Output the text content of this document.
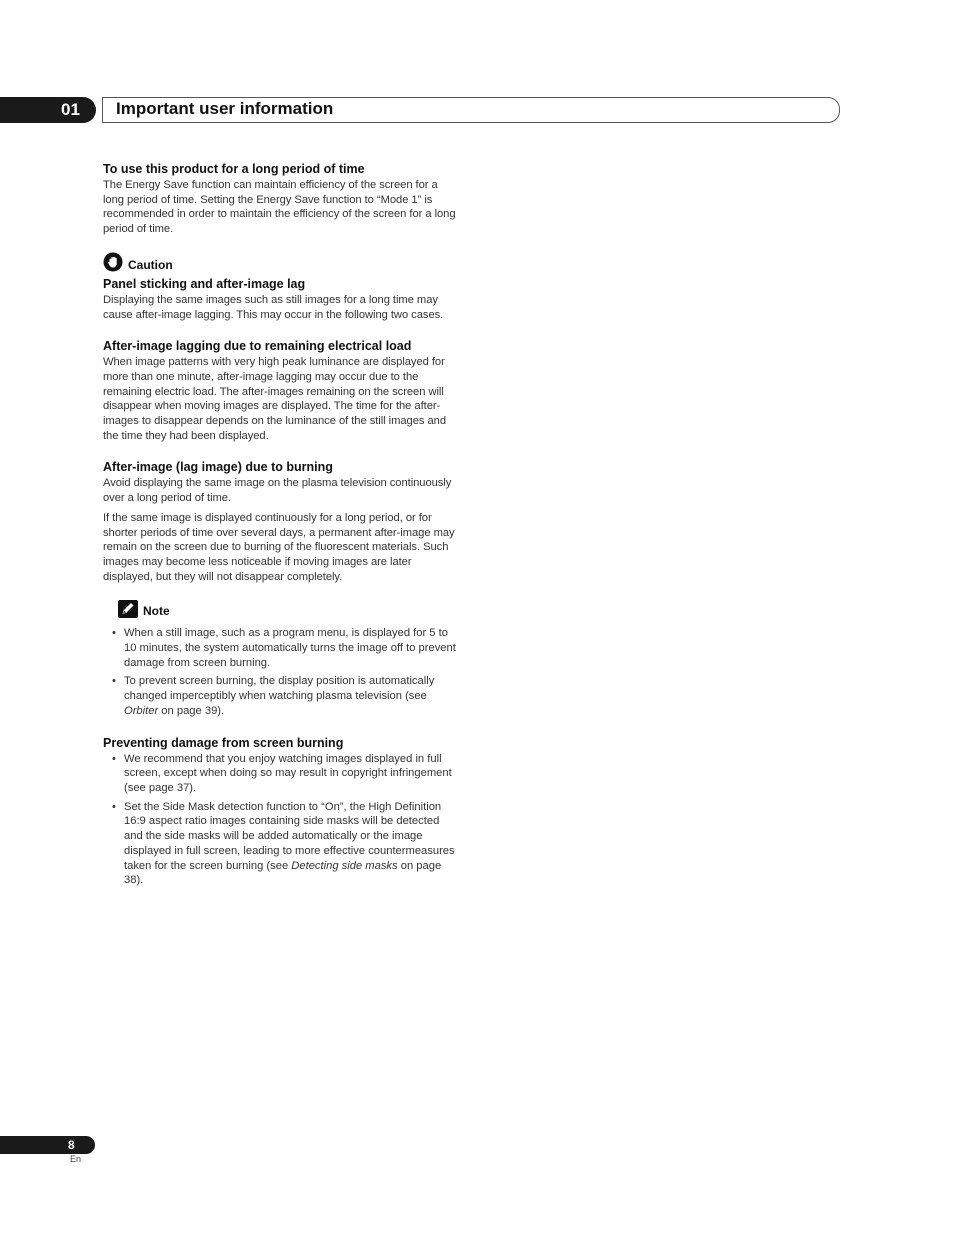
01 Important user information

To use this product for a long period of time

The Energy Save function can maintain efficiency of the screen for a long period of time. Setting the Energy Save function to “Mode 1” is recommended in order to maintain the efficiency of the screen for a long period of time.

Caution

Panel sticking and after-image lag

Displaying the same images such as still images for a long time may cause after-image lagging. This may occur in the following two cases.

After-image lagging due to remaining electrical load

When image patterns with very high peak luminance are displayed for more than one minute, after-image lagging may occur due to the remaining electric load. The after-images remaining on the screen will disappear when moving images are displayed. The time for the after-images to disappear depends on the luminance of the still images and the time they had been displayed.

After-image (lag image) due to burning

Avoid displaying the same image on the plasma television continuously over a long period of time.

If the same image is displayed continuously for a long period, or for shorter periods of time over several days, a permanent after-image may remain on the screen due to burning of the fluorescent materials. Such images may become less noticeable if moving images are later displayed, but they will not disappear completely.

Note
• When a still image, such as a program menu, is displayed for 5 to 10 minutes, the system automatically turns the image off to prevent damage from screen burning.
• To prevent screen burning, the display position is automatically changed imperceptibly when watching plasma television (see Orbiter on page 39).

Preventing damage from screen burning

• We recommend that you enjoy watching images displayed in full screen, except when doing so may result in copyright infringement (see page 37).
• Set the Side Mask detection function to “On”, the High Definition 16:9 aspect ratio images containing side masks will be detected and the side masks will be added automatically or the image displayed in full screen, leading to more effective countermeasures taken for the screen burning (see Detecting side masks on page 38).
8
En
